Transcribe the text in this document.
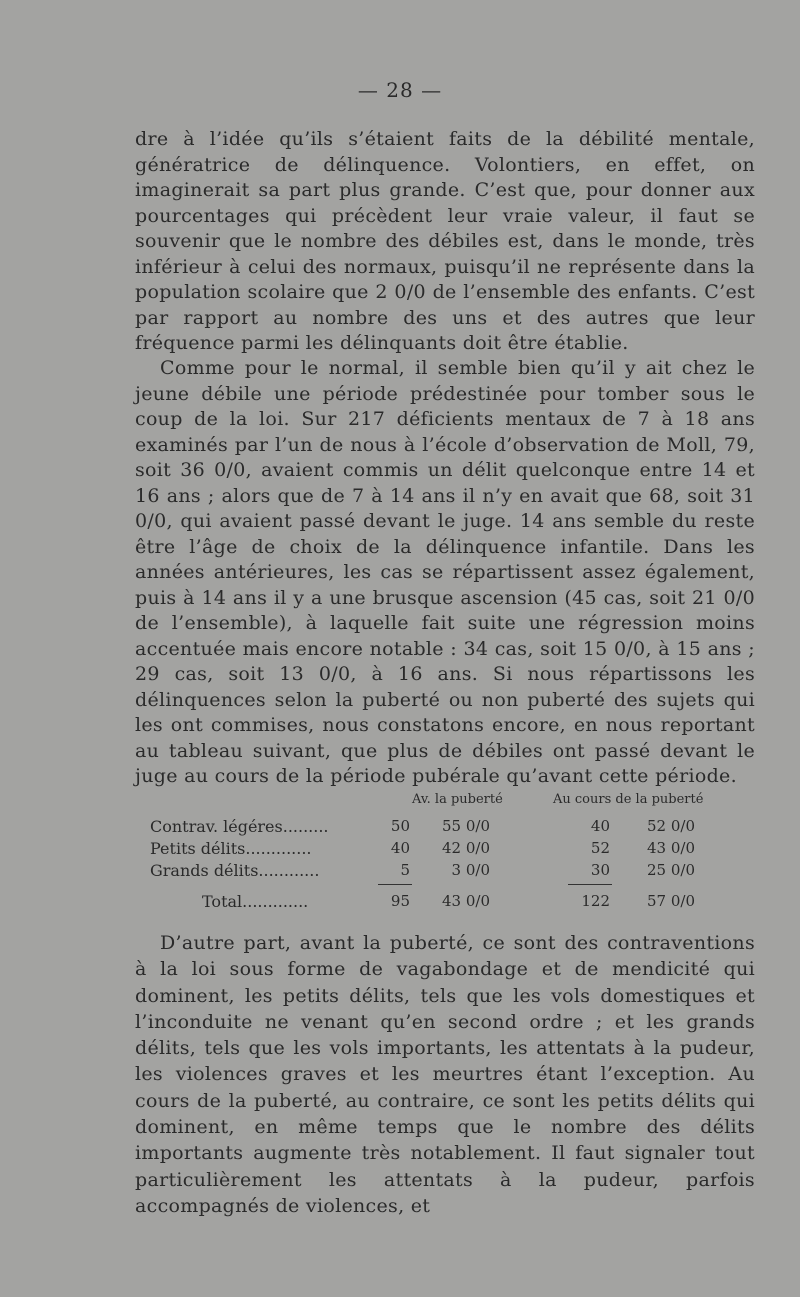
— 28 —

dre à l’idée qu’ils s’étaient faits de la débilité mentale, génératrice de délinquence. Volontiers, en effet, on imaginerait sa part plus grande. C’est que, pour donner aux pourcentages qui précèdent leur vraie valeur, il faut se souvenir que le nombre des débiles est, dans le monde, très inférieur à celui des normaux, puisqu’il ne représente dans la population scolaire que 2 0/0 de l’ensemble des enfants. C’est par rapport au nombre des uns et des autres que leur fréquence parmi les délinquants doit être établie.

Comme pour le normal, il semble bien qu’il y ait chez le jeune débile une période prédestinée pour tomber sous le coup de la loi. Sur 217 déficients mentaux de 7 à 18 ans examinés par l’un de nous à l’école d’observation de Moll, 79, soit 36 0/0, avaient commis un délit quelconque entre 14 et 16 ans ; alors que de 7 à 14 ans il n’y en avait que 68, soit 31 0/0, qui avaient passé devant le juge. 14 ans semble du reste être l’âge de choix de la délinquence infantile. Dans les années antérieures, les cas se répartissent assez également, puis à 14 ans il y a une brusque ascension (45 cas, soit 21 0/0 de l’ensemble), à laquelle fait suite une régression moins accentuée mais encore notable : 34 cas, soit 15 0/0, à 15 ans ; 29 cas, soit 13 0/0, à 16 ans. Si nous répartissons les délinquences selon la puberté ou non puberté des sujets qui les ont commises, nous constatons encore, en nous reportant au tableau suivant, que plus de débiles ont passé devant le juge au cours de la période pubérale qu’avant cette période.

Av. la puberté	Au cours de la puberté
Contrav. légéres.........	50	55 0/0	40	52 0/0
Petits délits.............	40	42 0/0	52	43 0/0
Grands délits............	5	3 0/0	30	25 0/0
Total.............	95	43 0/0	122	57 0/0

D’autre part, avant la puberté, ce sont des contraventions à la loi sous forme de vagabondage et de mendicité qui dominent, les petits délits, tels que les vols domestiques et l’inconduite ne venant qu’en second ordre ; et les grands délits, tels que les vols importants, les attentats à la pudeur, les violences graves et les meurtres étant l’exception. Au cours de la puberté, au contraire, ce sont les petits délits qui dominent, en même temps que le nombre des délits importants augmente très notablement. Il faut signaler tout particulièrement les attentats à la pudeur, parfois accompagnés de violences, et
